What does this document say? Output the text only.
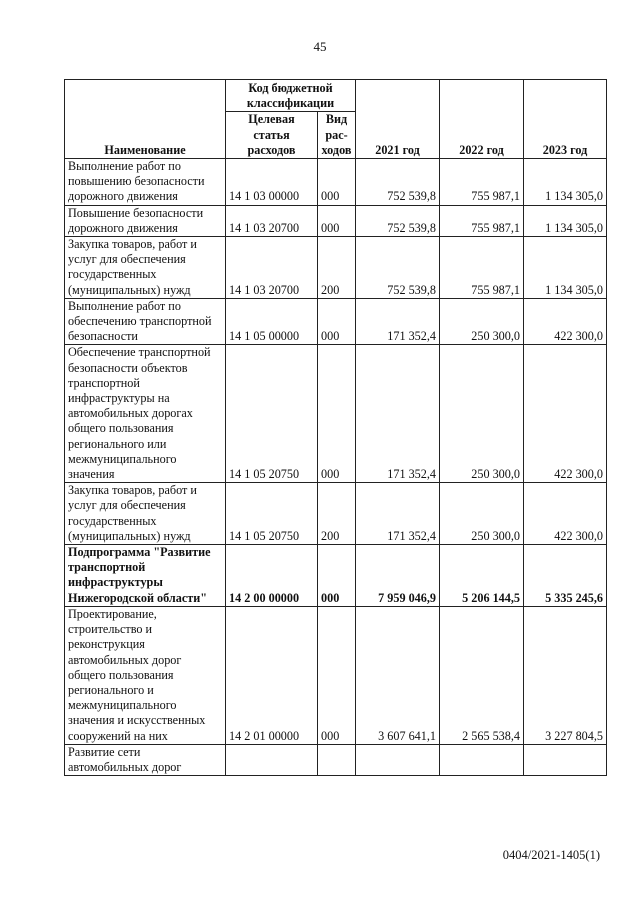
45
Наименование	Код бюджетной классификации		2021 год	2022 год	2023 год
	Целевая статья расходов	Вид рас-ходов			
Выполнение работ по повышению безопасности дорожного движения	14 1 03 00000	000	752 539,8	755 987,1	1 134 305,0
Повышение безопасности дорожного движения	14 1 03 20700	000	752 539,8	755 987,1	1 134 305,0
Закупка товаров, работ и услуг для обеспечения государственных (муниципальных) нужд	14 1 03 20700	200	752 539,8	755 987,1	1 134 305,0
Выполнение работ по обеспечению транспортной безопасности	14 1 05 00000	000	171 352,4	250 300,0	422 300,0
Обеспечение транспортной безопасности объектов транспортной инфраструктуры на автомобильных дорогах общего пользования регионального или межмуниципального значения	14 1 05 20750	000	171 352,4	250 300,0	422 300,0
Закупка товаров, работ и услуг для обеспечения государственных (муниципальных) нужд	14 1 05 20750	200	171 352,4	250 300,0	422 300,0
Подпрограмма "Развитие транспортной инфраструктуры Нижегородской области"	14 2 00 00000	000	7 959 046,9	5 206 144,5	5 335 245,6
Проектирование, строительство и реконструкция автомобильных дорог общего пользования регионального и межмуниципального значения и искусственных сооружений на них	14 2 01 00000	000	3 607 641,1	2 565 538,4	3 227 804,5
Развитие сети автомобильных дорог					
0404/2021-1405(1)
